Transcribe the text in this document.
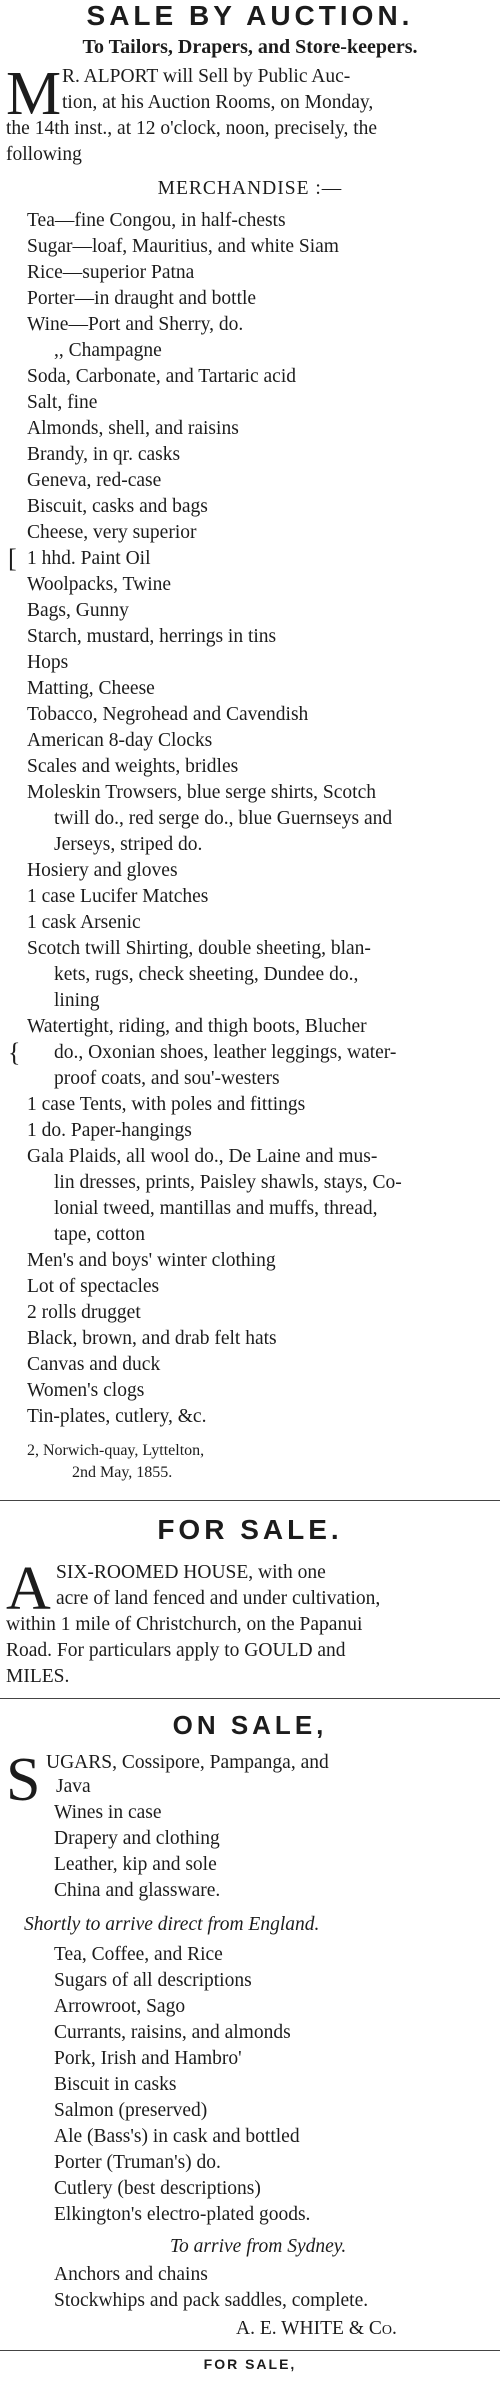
SALE BY AUCTION.
To Tailors, Drapers, and Store-keepers.
M R. ALPORT will Sell by Public Auc-
tion, at his Auction Rooms, on Monday,
the 14th inst., at 12 o'clock, noon, precisely, the
following
MERCHANDISE :—
Tea—fine Congou, in half-chests
Sugar—loaf, Mauritius, and white Siam
Rice—superior Patna
Porter—in draught and bottle
Wine—Port and Sherry, do.
,, Champagne
Soda, Carbonate, and Tartaric acid
Salt, fine
Almonds, shell, and raisins
Brandy, in qr. casks
Geneva, red-case
Biscuit, casks and bags
Cheese, very superior
[ 1 hhd. Paint Oil
Woolpacks, Twine
Bags, Gunny
Starch, mustard, herrings in tins
Hops
Matting, Cheese
Tobacco, Negrohead and Cavendish
American 8-day Clocks
Scales and weights, bridles
Moleskin Trowsers, blue serge shirts, Scotch
twill do., red serge do., blue Guernseys and
Jerseys, striped do.
Hosiery and gloves
1 case Lucifer Matches
1 cask Arsenic
Scotch twill Shirting, double sheeting, blan-
kets, rugs, check sheeting, Dundee do.,
lining
Watertight, riding, and thigh boots, Blucher
{ do., Oxonian shoes, leather leggings, water-
proof coats, and sou'-westers
1 case Tents, with poles and fittings
1 do. Paper-hangings
Gala Plaids, all wool do., De Laine and mus-
lin dresses, prints, Paisley shawls, stays, Co-
lonial tweed, mantillas and muffs, thread,
tape, cotton
Men's and boys' winter clothing
Lot of spectacles
2 rolls drugget
Black, brown, and drab felt hats
Canvas and duck
Women's clogs
Tin-plates, cutlery, &c.
2, Norwich-quay, Lyttelton,
2nd May, 1855.
FOR SALE.
A SIX-ROOMED HOUSE, with one
acre of land fenced and under cultivation,
within 1 mile of Christchurch, on the Papanui
Road. For particulars apply to GOULD and
MILES.
ON SALE,
S UGARS, Cossipore, Pampanga, and
Java
Wines in case
Drapery and clothing
Leather, kip and sole
China and glassware.
Shortly to arrive direct from England.
Tea, Coffee, and Rice
Sugars of all descriptions
Arrowroot, Sago
Currants, raisins, and almonds
Pork, Irish and Hambro'
Biscuit in casks
Salmon (preserved)
Ale (Bass's) in cask and bottled
Porter (Truman's) do.
Cutlery (best descriptions)
Elkington's electro-plated goods.
To arrive from Sydney.
Anchors and chains
Stockwhips and pack saddles, complete.
A. E. WHITE & Co.
FOR SALE,
